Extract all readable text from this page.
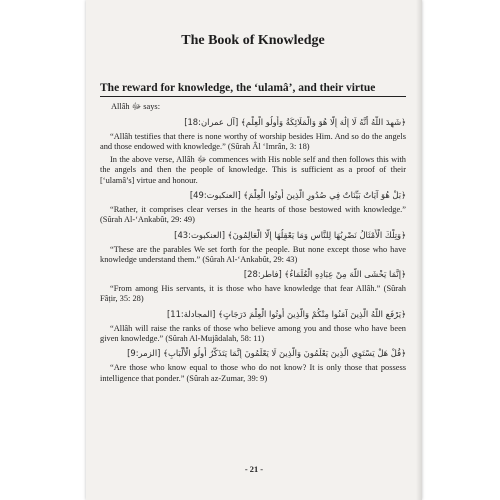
The Book of Knowledge
The reward for knowledge, the ‘ulamâ’, and their virtue
Allâh ﷻ says:
﴿شَهِدَ اللَّهُ أَنَّهُ لَا إِلَٰهَ إِلَّا هُوَ وَالْمَلَائِكَةُ وَأُولُو الْعِلْمِ﴾ [آل عمران:18]

“Allâh testifies that there is none worthy of worship besides Him. And so do the angels and those endowed with knowledge.” (Sûrah Âl ‘Imrân, 3: 18)

In the above verse, Allâh ﷻ commences with His noble self and then follows this with the angels and then the people of knowledge. This is sufficient as a proof of their [‘ulamâ’s] virtue and honour.

﴿بَلْ هُوَ آيَاتٌ بَيِّنَاتٌ فِي صُدُورِ الَّذِينَ أُوتُوا الْعِلْمَ﴾ [العنكبوت:49]

“Rather, it comprises clear verses in the hearts of those bestowed with knowledge.” (Sûrah Al-‘Ankabût, 29: 49)

﴿وَتِلْكَ الْأَمْثَالُ نَضْرِبُهَا لِلنَّاسِ وَمَا يَعْقِلُهَا إِلَّا الْعَالِمُونَ﴾ [العنكبوت:43]

“These are the parables We set forth for the people. But none except those who have knowledge understand them.” (Sûrah Al-‘Ankabût, 29: 43)

﴿إِنَّمَا يَخْشَى اللَّهَ مِنْ عِبَادِهِ الْعُلَمَاءُ﴾ [فاطر:28]

“From among His servants, it is those who have knowledge that fear Allâh.” (Sûrah Fâṭir, 35: 28)

﴿يَرْفَعِ اللَّهُ الَّذِينَ آمَنُوا مِنْكُمْ وَالَّذِينَ أُوتُوا الْعِلْمَ دَرَجَاتٍ﴾ [المجادلة:11]

“Allâh will raise the ranks of those who believe among you and those who have been given knowledge.” (Sûrah Al-Mujâdalah, 58: 11)

﴿قُلْ هَلْ يَسْتَوِي الَّذِينَ يَعْلَمُونَ وَالَّذِينَ لَا يَعْلَمُونَ إِنَّمَا يَتَذَكَّرُ أُولُو الْأَلْبَابِ﴾ [الزمر:9]

“Are those who know equal to those who do not know? It is only those that possess intelligence that ponder.” (Sûrah az-Zumar, 39: 9)

- 21 -
